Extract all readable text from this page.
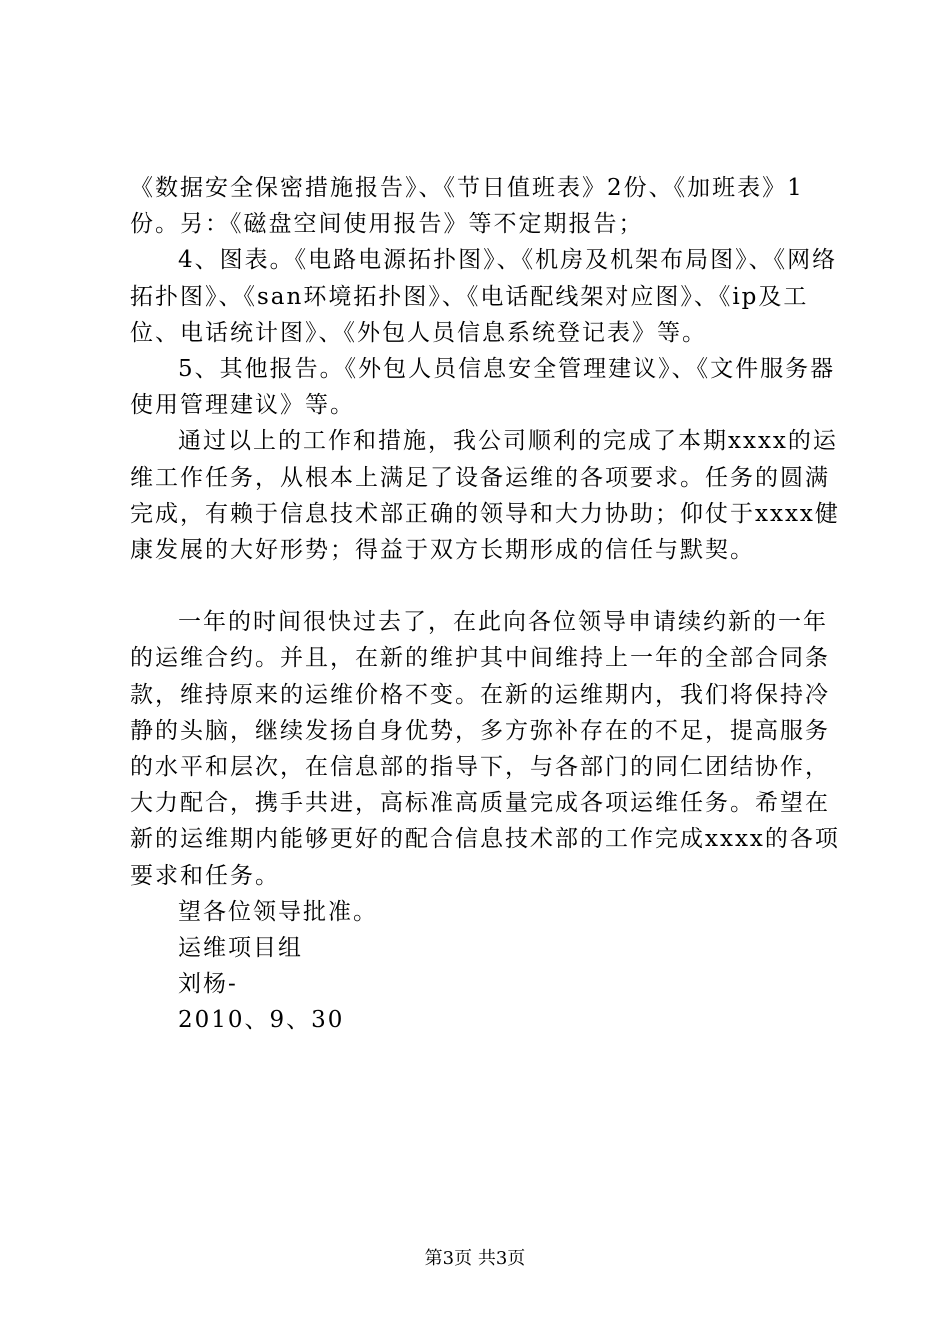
《数据安全保密措施报告》、《节日值班表》2份、《加班表》1份。另：《磁盘空间使用报告》等不定期报告；

4、图表。《电路电源拓扑图》、《机房及机架布局图》、《网络拓扑图》、《san环境拓扑图》、《电话配线架对应图》、《ip及工位、电话统计图》、《外包人员信息系统登记表》等。

5、其他报告。《外包人员信息安全管理建议》、《文件服务器使用管理建议》等。

通过以上的工作和措施，我公司顺利的完成了本期xxxx的运维工作任务，从根本上满足了设备运维的各项要求。任务的圆满完成，有赖于信息技术部正确的领导和大力协助；仰仗于xxxx健康发展的大好形势；得益于双方长期形成的信任与默契。

一年的时间很快过去了，在此向各位领导申请续约新的一年的运维合约。并且，在新的维护其中间维持上一年的全部合同条款，维持原来的运维价格不变。在新的运维期内，我们将保持冷静的头脑，继续发扬自身优势，多方弥补存在的不足，提高服务的水平和层次，在信息部的指导下，与各部门的同仁团结协作，大力配合，携手共进，高标准高质量完成各项运维任务。希望在新的运维期内能够更好的配合信息技术部的工作完成xxxx的各项要求和任务。

望各位领导批准。

运维项目组

刘杨-

2010、9、30

第3页 共3页
